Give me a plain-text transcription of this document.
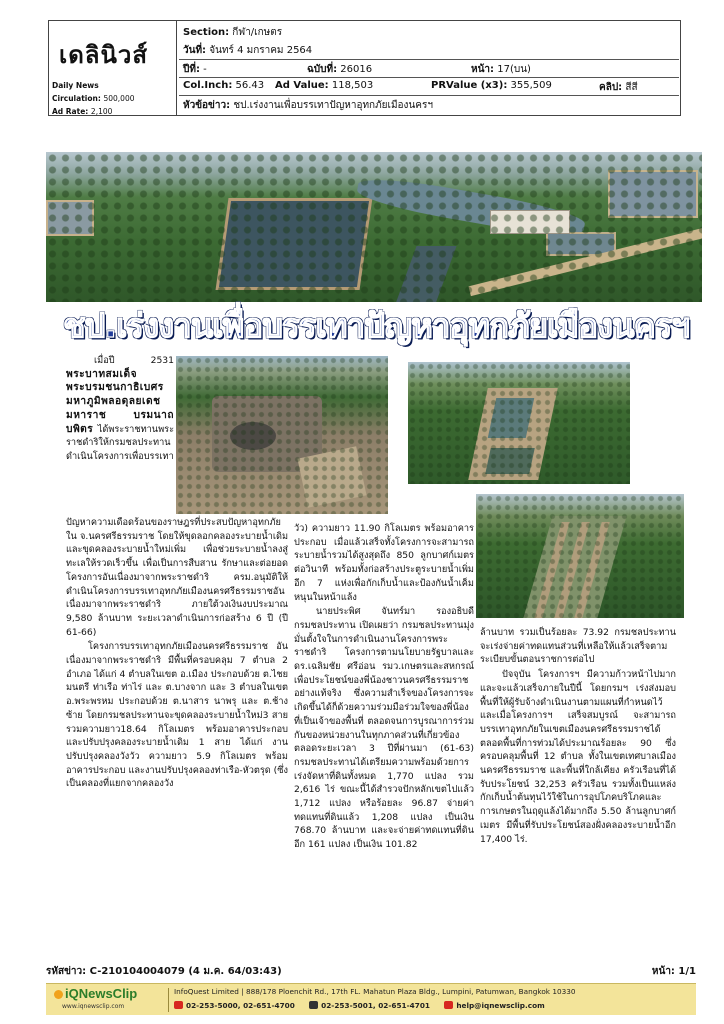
เดลินิวส์
Daily News
Circulation: 500,000
Ad Rate: 2,100
Section: กีฬา/เกษตร
วันที่: จันทร์ 4 มกราคม 2564
ปีที่: -	ฉบับที่: 26016	หน้า: 17(บน)
Col.Inch: 56.43 Ad Value: 118,503	PRValue (x3): 355,509	คลิป: สีสี
หัวข้อข่าว: ชป.เร่งงานเพื่อบรรเทาปัญหาอุทกภัยเมืองนครฯ
ชป.เร่งงานเพื่อบรรเทาปัญหาอุทกภัยเมืองนครฯ

เมื่อปี 2531 พระบาทสมเด็จพระบรมชนกาธิเบศร มหาภูมิพลอดุลยเดช มหาราช บรมนาถบพิตร ได้พระราชทานพระราชดำริให้กรมชลประทานดำเนินโครงการเพื่อบรรเทา

ปัญหาความเดือดร้อนของราษฎรที่ประสบปัญหาอุทกภัยใน จ.นครศรีธรรมราช โดยให้ขุดลอกคลองระบายน้ำเดิม และขุดคลองระบายน้ำใหม่เพิ่ม เพื่อช่วยระบายน้ำลงสู่ทะเลให้รวดเร็วขึ้น เพื่อเป็นการสืบสาน รักษาและต่อยอดโครงการอันเนื่องมาจากพระราชดำริ ครม.อนุมัติให้ดำเนินโครงการบรรเทาอุทกภัยเมืองนครศรีธรรมราชอันเนื่องมาจากพระราชดำริ ภายใต้วงเงินงบประมาณ 9,580 ล้านบาท ระยะเวลาดำเนินการก่อสร้าง 6 ปี (ปี 61-66)

โครงการบรรเทาอุทกภัยเมืองนครศรีธรรมราช อันเนื่องมาจากพระราชดำริ มีพื้นที่ครอบคลุม 7 ตำบล 2 อำเภอ ได้แก่ 4 ตำบลในเขต อ.เมือง ประกอบด้วย ต.ไชยมนตรี ท่าเรือ ท่าไร่ และ ต.บางจาก และ 3 ตำบลในเขต อ.พระพรหม ประกอบด้วย ต.นาสาร นาพรุ และ ต.ช้างซ้าย โดยกรมชลประทานจะขุดคลองระบายน้ำใหม่3 สาย รวมความยาว18.64 กิโลเมตร พร้อมอาคารประกอบ และปรับปรุงคลองระบายน้ำเดิม 1 สาย ได้แก่ งานปรับปรุงคลองวังวัว ความยาว 5.9 กิโลเมตร พร้อมอาคารประกอบ และงานปรับปรุงคลองท่าเรือ-หัวตรุด (ซึ่งเป็นคลองที่แยกจากคลองวัง

วัว) ความยาว 11.90 กิโลเมตร พร้อมอาคารประกอบ เมื่อแล้วเสร็จทั้งโครงการจะสามารถระบายน้ำรวมได้สูงสุดถึง 850 ลูกบาศก์เมตรต่อวินาที พร้อมทั้งก่อสร้างประตูระบายน้ำเพิ่มอีก 7 แห่งเพื่อกักเก็บน้ำและป้องกันน้ำเค็มหนุนในหน้าแล้ง

นายประพิศ จันทร์มา รองอธิบดีกรมชลประทาน เปิดเผยว่า กรมชลประทานมุ่งมั่นตั้งใจในการดำเนินงานโครงการพระราชดำริ โครงการตามนโยบายรัฐบาลและ ดร.เฉลิมชัย ศรีอ่อน รมว.เกษตรและสหกรณ์ เพื่อประโยชน์ของพี่น้องชาวนครศรีธรรมราช อย่างแท้จริง ซึ่งความสำเร็จของโครงการจะเกิดขึ้นได้ก็ด้วยความร่วมมือร่วมใจของพี่น้องที่เป็นเจ้าของพื้นที่ ตลอดจนการบูรณาการร่วมกันของหน่วยงานในทุกภาคส่วนที่เกี่ยวข้อง ตลอดระยะเวลา 3 ปีที่ผ่านมา (61-63) กรมชลประทานได้เตรียมความพร้อมด้วยการเร่งจัดหาที่ดินทั้งหมด 1,770 แปลง รวม 2,616 ไร่ ขณะนี้ได้สำรวจปักหลักเขตไปแล้ว 1,712 แปลง หรือร้อยละ 96.87 จ่ายค่าทดแทนที่ดินแล้ว 1,208 แปลง เป็นเงิน 768.70 ล้านบาท และจะจ่ายค่าทดแทนที่ดินอีก 161 แปลง เป็นเงิน 101.82

ล้านบาท รวมเป็นร้อยละ 73.92 กรมชลประทานจะเร่งจ่ายค่าทดแทนส่วนที่เหลือให้แล้วเสร็จตามระเบียบขั้นตอนราชการต่อไป

ปัจจุบัน โครงการฯ มีความก้าวหน้าไปมากและจะแล้วเสร็จภายในปีนี้ โดยกรมฯ เร่งส่งมอบพื้นที่ให้ผู้รับจ้างดำเนินงานตามแผนที่กำหนดไว้ และเมื่อโครงการฯ เสร็จสมบูรณ์ จะสามารถบรรเทาอุทกภัยในเขตเมืองนครศรีธรรมราชได้ตลอดพื้นที่การท่วมได้ประมาณร้อยละ 90 ซึ่งครอบคลุมพื้นที่ 12 ตำบล ทั้งในเขตเทศบาลเมืองนครศรีธรรมราช และพื้นที่ใกล้เคียง ครัวเรือนที่ได้รับประโยชน์ 32,253 ครัวเรือน รวมทั้งเป็นแหล่งกักเก็บน้ำต้นทุนไว้ใช้ในการอุปโภคบริโภคและการเกษตรในฤดูแล้งได้มากถึง 5.50 ล้านลูกบาศก์เมตร มีพื้นที่รับประโยชน์สองฝั่งคลองระบายน้ำอีก 17,400 ไร่.

รหัสข่าว: C-210104004079 (4 ม.ค. 64/03:43)	หน้า: 1/1
iQNewsClip
www.iqnewsclip.com
InfoQuest Limited | 888/178 Ploenchit Rd., 17th FL. Mahatun Plaza Bldg., Lumpini, Patumwan, Bangkok 10330
02-253-5000, 02-651-4700	02-253-5001, 02-651-4701	help@iqnewsclip.com
